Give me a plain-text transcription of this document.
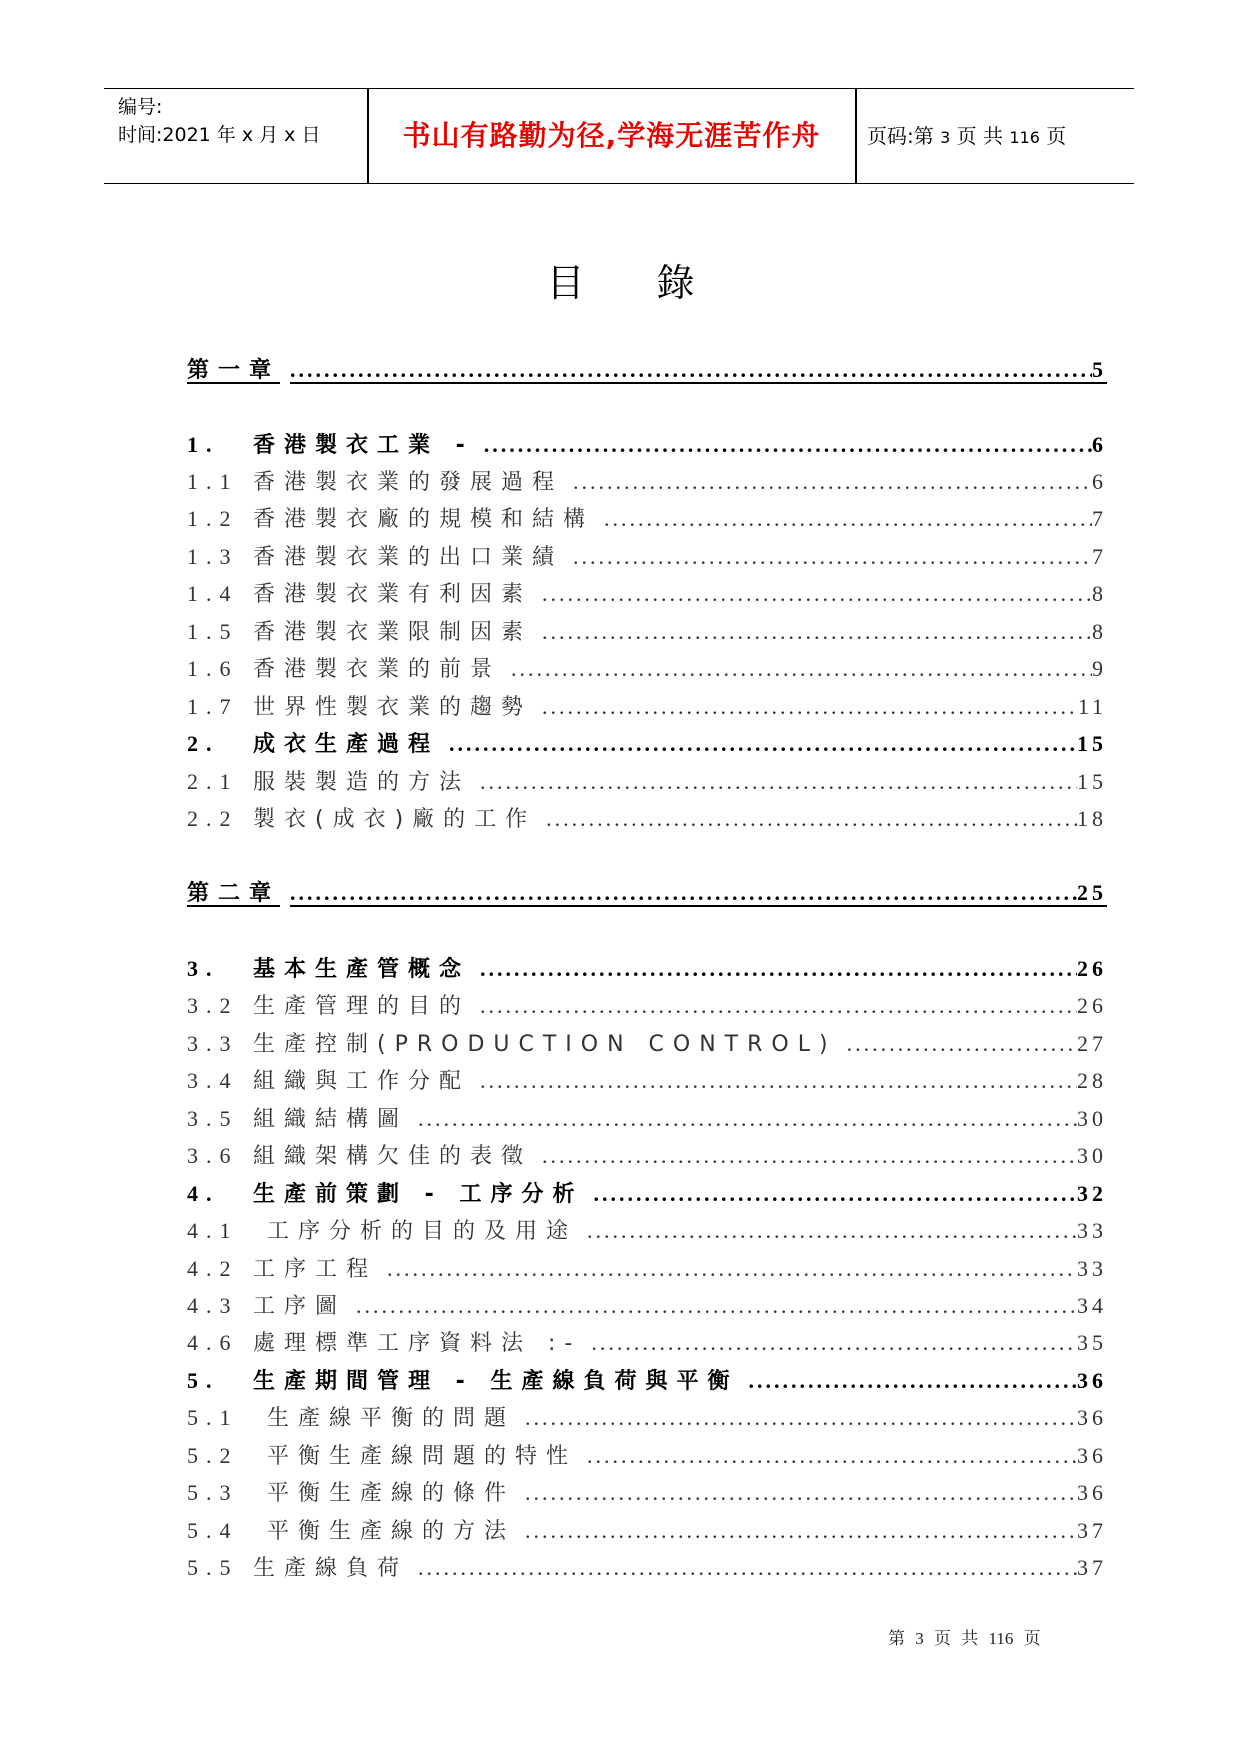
编号:
时间:2021 年 x 月 x 日	书山有路勤为径,学海无涯苦作舟	页码:第 3 页 共 116 页
目 錄
第一章 .....	5
1.	香港製衣工業 - .....	6
1.1 香港製衣業的發展過程 .....	6
1.2 香港製衣廠的規模和結構 .....	7
1.3 香港製衣業的出口業績 .....	7
1.4 香港製衣業有利因素 .....	8
1.5 香港製衣業限制因素 .....	8
1.6 香港製衣業的前景 .....	9
1.7 世界性製衣業的趨勢 .....	11
2.	成衣生產過程 .....	15
2.1 服裝製造的方法 .....	15
2.2 製衣(成衣)廠的工作 .....	18
第二章 .....	25
3.	基本生產管概念 .....	26
3.2 生產管理的目的 .....	26
3.3 生產控制(PRODUCTION CONTROL) .....	27
3.4 組織與工作分配 .....	28
3.5 組織結構圖 .....	30
3.6 組織架構欠佳的表徵 .....	30
4.	生產前策劃 - 工序分析 .....	32
4.1	工序分析的目的及用途 .....	33
4.2 工序工程 .....	33
4.3 工序圖 .....	34
4.6 處理標準工序資料法 :- .....	35
5.	生產期間管理 - 生產線負荷與平衡 .....	36
5.1	生產線平衡的問題 .....	36
5.2	平衡生產線問題的特性 .....	36
5.3	平衡生產線的條件 .....	36
5.4	平衡生產線的方法 .....	37
5.5 生產線負荷 .....	37
第 3 页 共 116 页
